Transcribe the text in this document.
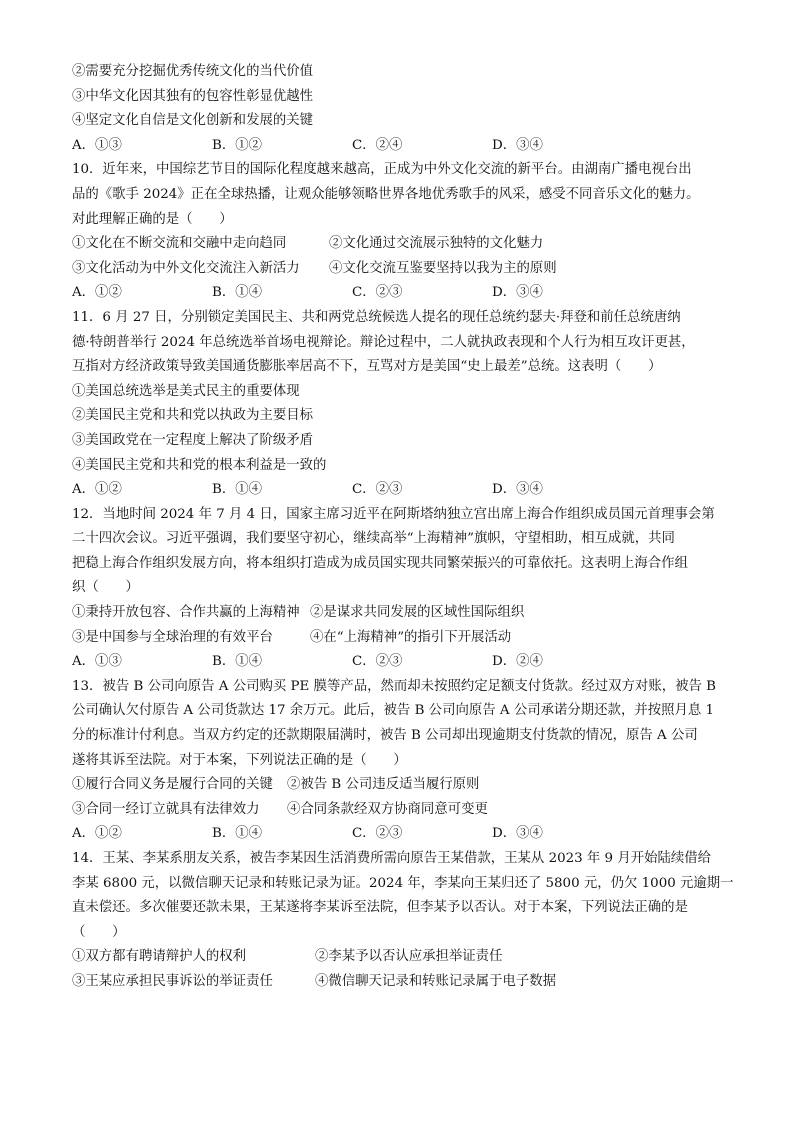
②需要充分挖掘优秀传统文化的当代价值
③中华文化因其独有的包容性彰显优越性
④坚定文化自信是文化创新和发展的关键
A．①③	B．①②	C．②④	D．③④
10．近年来，中国综艺节目的国际化程度越来越高，正成为中外文化交流的新平台。由湖南广播电视台出
品的《歌手 2024》正在全球热播，让观众能够领略世界各地优秀歌手的风采，感受不同音乐文化的魅力。
对此理解正确的是（　　）
①文化在不断交流和交融中走向趋同	②文化通过交流展示独特的文化魅力
③文化活动为中外文化交流注入新活力	④文化交流互鉴要坚持以我为主的原则
A．①②	B．①④	C．②③	D．③④
11．6 月 27 日，分别锁定美国民主、共和两党总统候选人提名的现任总统约瑟夫·拜登和前任总统唐纳
德·特朗普举行 2024 年总统选举首场电视辩论。辩论过程中，二人就执政表现和个人行为相互攻讦更甚，
互指对方经济政策导致美国通货膨胀率居高不下，互骂对方是美国“史上最差”总统。这表明（　　）
①美国总统选举是美式民主的重要体现
②美国民主党和共和党以执政为主要目标
③美国政党在一定程度上解决了阶级矛盾
④美国民主党和共和党的根本利益是一致的
A．①②	B．①④	C．②③	D．③④
12．当地时间 2024 年 7 月 4 日，国家主席习近平在阿斯塔纳独立宫出席上海合作组织成员国元首理事会第
二十四次会议。习近平强调，我们要坚守初心，继续高举“上海精神”旗帜，守望相助，相互成就，共同
把稳上海合作组织发展方向，将本组织打造成为成员国实现共同繁荣振兴的可靠依托。这表明上海合作组
织（　　）
①秉持开放包容、合作共赢的上海精神 ②是谋求共同发展的区域性国际组织
③是中国参与全球治理的有效平台	④在“上海精神”的指引下开展活动
A．①③	B．①④	C．②③	D．②④
13．被告 B 公司向原告 A 公司购买 PE 膜等产品，然而却未按照约定足额支付货款。经过双方对账，被告 B
公司确认欠付原告 A 公司货款达 17 余万元。此后，被告 B 公司向原告 A 公司承诺分期还款，并按照月息 1
分的标准计付利息。当双方约定的还款期限届满时，被告 B 公司却出现逾期支付货款的情况，原告 A 公司
遂将其诉至法院。对于本案，下列说法正确的是（　　）
①履行合同义务是履行合同的关键	②被告 B 公司违反适当履行原则
③合同一经订立就具有法律效力	④合同条款经双方协商同意可变更
A．①②	B．①④	C．②③	D．③④
14．王某、李某系朋友关系，被告李某因生活消费所需向原告王某借款，王某从 2023 年 9 月开始陆续借给
李某 6800 元，以微信聊天记录和转账记录为证。2024 年，李某向王某归还了 5800 元，仍欠 1000 元逾期一
直未偿还。多次催要还款未果，王某遂将李某诉至法院，但李某予以否认。对于本案，下列说法正确的是
（　　）
①双方都有聘请辩护人的权利	②李某予以否认应承担举证责任
③王某应承担民事诉讼的举证责任	④微信聊天记录和转账记录属于电子数据
